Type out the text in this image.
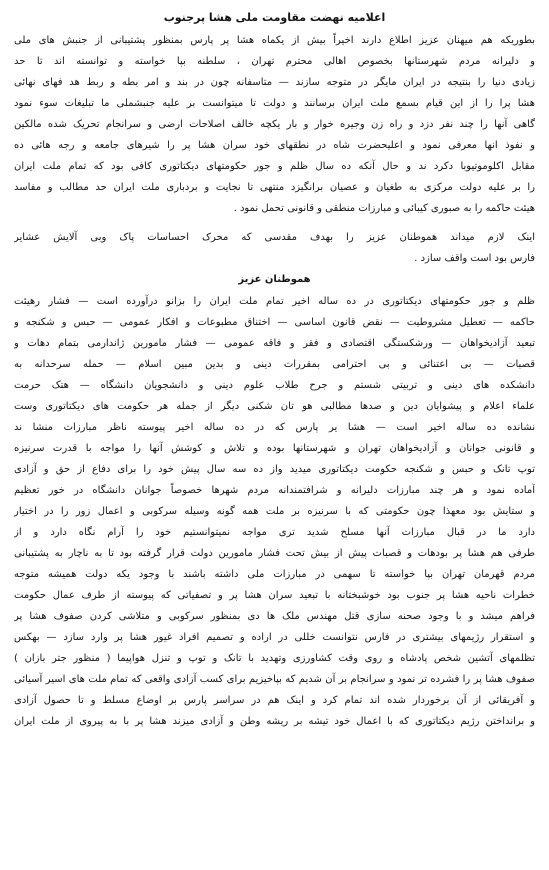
اعلامیه نهضت مقاومت ملی هشا پرجنوب
بطوریکه هم میهنان عزیز اطلاع دارند اخیراً بیش از یکماه هشا پر پارس بمنظور پشتیبانی از جنبش های ملی
و دلیرانه مردم شهرستانها بخصوص اهالی محترم تهران ، سلطنه بپا خواسته و توانسته اند تا حد
زیادی دنیا را بنتیجه در ایران مایگر در متوجه سازند — متاسفانه چون در بند و امر بطه و ربط هد فهای نهائی
هشا پرا را از این قیام بسمع ملت ایران برسانند و دولت تا میتوانست بر علیه جنبشملی ما تبلیغات سوء نمود
گاهی آنها را چند نفر دزد و راه زن وجیره خوار و بار یکچه خالف اصلاحات ارضی و سرانجام تحریک شده مالکین
و نفوذ انها معرفی نمود و اعلیحضرت شاه در نطقهای خود سران هشا پر را شیرهای جامعه و رجه هائی ده
مقابل اکلوموتیوبا دکرد ند و حال آنکه ده سال ظلم و جور حکومتهای دیکتاتوری کافی بود که تمام ملت ایران
را بر علیه دولت مرکزی به طغیان و عصیان برانگیزد منتهی تا نجایت و بردباری ملت ایران حد مطالب و مفاسد
هیئت حاکمه را به صبوری کیبائی و مبارزات منطقی و قانونی تحمل نمود .
اینک لازم میداند هموطنان عزیز را بهدف مقدسی که محرک احساسات پاک وبی آلایش عشایر
فارس بود است واقف سازد .
هموطنان عزیز
ظلم و جور حکومتهای دیکتاتوری در ده ساله اخیر تمام ملت ایران را بزانو درآورده است — فشار رهیئت
حاکمه — تعطیل مشروطیت — نقض قانون اساسی — اختناق مطبوعات و افکار عمومی — حبس و شکنجه و
تبعید آزادیخواهان — ورشکستگی اقتصادی و فقر و فاقه عمومی — فشار مامورین ژاندارمی بتمام دهات و
قصبات — بی اعتنائی و بی احترامی بمقررات دینی و بدین مبین اسلام — حمله سرحدانه به
دانشکده های دینی و تربیتی شستم و جرح طلاب علوم دینی و دانشجویان دانشگاه — هتک حرمت
علماء اعلام و پیشوایان دین و صدها مطالبی هو تان شکنی دیگر از جمله هر حکومت های دیکتاتوری وست
نشانده ده ساله اخیر است — هشا یر پارس که در ده ساله اخیر پیوسته ناظر مبارزات منشا ند
و قانونی جوانان و آزادیخواهان تهران و شهرستانها بوده و تلاش و کوشش آنها را مواجه با قدرت سرنیزه
توپ تانک و حبس و شکنجه حکومت دیکتاتوری میدید واز ده سه سال پیش خود را برای دفاع از حق و آزادی
آماده نمود و هر چند مبارزات دلیرانه و شرافتمندانه مردم شهرها خصوصاً جوانان دانشگاه در خور تعظیم
و ستایش بود معهذا چون حکومتی که با سرنیزه بر ملت همه گونه وسیله سرکوبی و اعمال زور را در اختیار
دارد ما در قبال مبارزات آنها مسلح شدید تری مواجه نمیتوانستیم خود را آرام نگاه دارد و از
طرفی هم هشا پر بودهات و قصبات پیش از بیش تحت فشار مامورین دولت قرار گرفته بود تا به ناچار به پشتیبانی
مردم قهرمان تهران بپا خواسته تا سهمی در مبارزات ملی داشته باشند با وجود یکه دولت همیشه متوجه
خطرات ناحیه هشا پر جنوب بود خوشبختانه با تبعید سران هشا پر و تصفیاتی که پیوسته از طرف عمال حکومت
فراهم میشد و با وجود صحنه سازی قتل مهندس ملک ها دی بمنظور سرکوبی و متلاشی کردن صفوف هشا پر
و استقرار رژیمهای بیشتری در فارس نتوانست خللی در اراده و تصمیم افراد غیور هشا پر وارد سازد — بهکس
تظلمهای آتشین شخص پادشاه و روی وقت کشاورزی وتهدید با تانک و توپ و تنزل هواپیما ( منظور جتر بازان )
صفوف هشا پر را فشرده تر نمود و سرانجام بر آن شدیم که بپاخیزیم برای کسب آزادی واقعی که تمام ملت های اسیر آسیائی
و آفریقائی از آن برخوردار شده اند تمام کرد و اینک هم در سراسر پارس بر اوضاع مسلط و تا حصول آزادی
و برانداختن رژیم دیکتاتوری که با اعمال خود تیشه بر ریشه وطن و آزادی میزند هشا پر با به پیروی از ملت ایران
